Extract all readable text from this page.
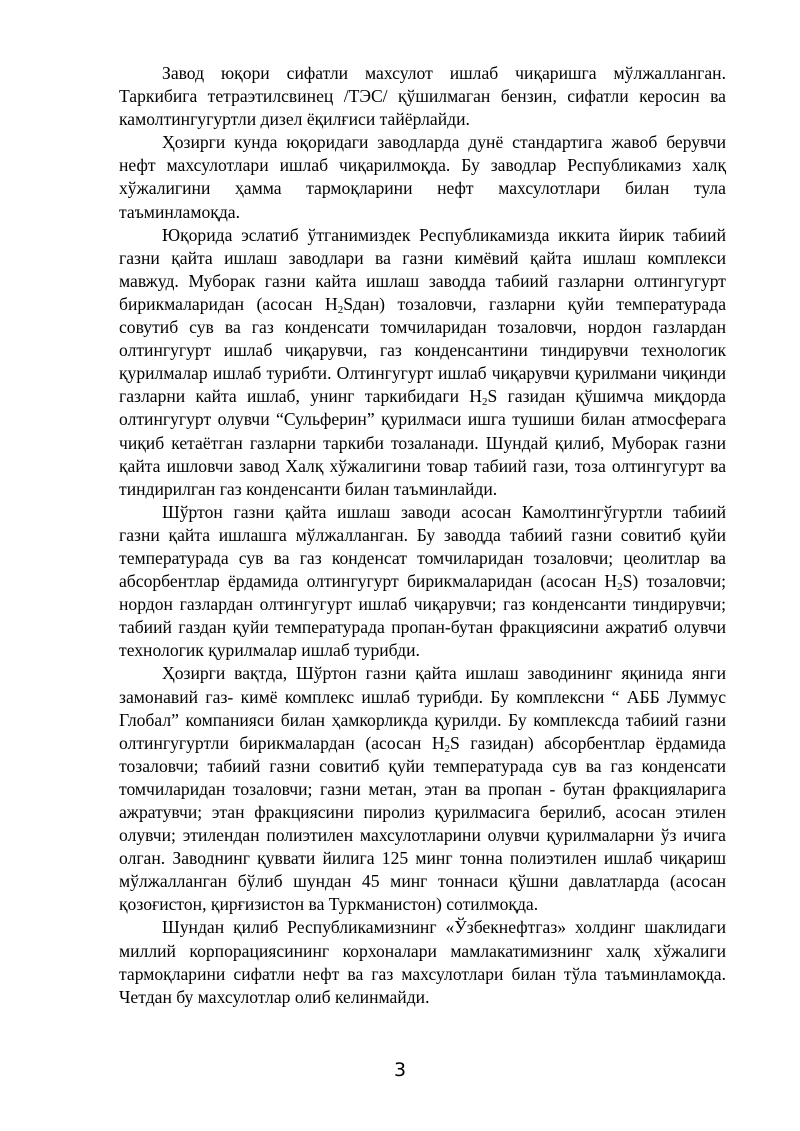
Завод юқори сифатли махсулот ишлаб чиқаришга мўлжалланган. Таркибига тетраэтилсвинец /ТЭС/ қўшилмаган бензин, сифатли керосин ва камолтингугуртли дизел ёқилғиси тайёрлайди.

Ҳозирги кунда юқоридаги заводларда дунё стандартига жавоб берувчи нефт махсулотлари ишлаб чиқарилмоқда. Бу заводлар Республикамиз халқ хўжалигини ҳамма тармоқларини нефт махсулотлари билан тула таъминламоқда.

Юқорида эслатиб ўтганимиздек Республикамизда иккита йирик табиий газни қайта ишлаш заводлари ва газни кимёвий қайта ишлаш комплекси мавжуд. Муборак газни кайта ишлаш заводда табиий газларни олтингугурт бирикмаларидан (асосан $H_2Sдан$) тозаловчи, газларни қуйи температурада совутиб сув ва газ конденсати томчиларидан тозаловчи, нордон газлардан олтингугурт ишлаб чиқарувчи, газ конденсантини тиндирувчи технологик қурилмалар ишлаб турибти. Олтингугурт ишлаб чиқарувчи қурилмани чиқинди газларни кайта ишлаб, унинг таркибидаги $H_2S$ газидан қўшимча миқдорда олтингугурт олувчи “Сульферин” қурилмаси ишга тушиши билан атмосферага чиқиб кетаётган газларни таркиби тозаланади. Шундай қилиб, Муборак газни қайта ишловчи завод Халқ хўжалигини товар табиий гази, тоза олтингугурт ва тиндирилган газ конденсанти билан таъминлайди.

Шўртон газни қайта ишлаш заводи асосан Камолтингўгуртли табиий газни қайта ишлашга мўлжалланган. Бу заводда табиий газни совитиб қуйи температурада сув ва газ конденсат томчиларидан тозаловчи; цеолитлар ва абсорбентлар ёрдамида олтингугурт бирикмаларидан (асосан $H_2S$) тозаловчи; нордон газлардан олтингугурт ишлаб чиқарувчи; газ конденсанти тиндирувчи; табиий газдан қуйи температурада пропан-бутан фракциясини ажратиб олувчи технологик қурилмалар ишлаб турибди.

Ҳозирги вақтда, Шўртон газни қайта ишлаш заводининг яқинида янги замонавий газ- кимё комплекс ишлаб турибди. Бу комплексни “ АББ Луммус Глобал” компанияси билан ҳамкорликда қурилди. Бу комплексда табиий газни олтингугуртли бирикмалардан (асосан $H_2S$ газидан) абсорбентлар ёрдамида тозаловчи; табиий газни совитиб қуйи температурада сув ва газ конденсати томчиларидан тозаловчи; газни метан, этан ва пропан - бутан фракцияларига ажратувчи; этан фракциясини пиролиз қурилмасига берилиб, асосан этилен олувчи; этилендан полиэтилен махсулотларини олувчи қурилмаларни ўз ичига олган. Заводнинг қуввати йилига 125 минг тонна полиэтилен ишлаб чиқариш мўлжалланган бўлиб шундан 45 минг тоннаси қўшни давлатларда (асосан қозоғистон, қирғизистон ва Туркманистон) сотилмоқда.

Шундан қилиб Республикамизнинг «Ўзбекнефтгаз» холдинг шаклидаги миллий корпорациясининг корхоналари мамлакатимизнинг халқ хўжалиги тармоқларини сифатли нефт ва газ махсулотлари билан тўла таъминламоқда. Четдан бу махсулотлар олиб келинмайди.

3
